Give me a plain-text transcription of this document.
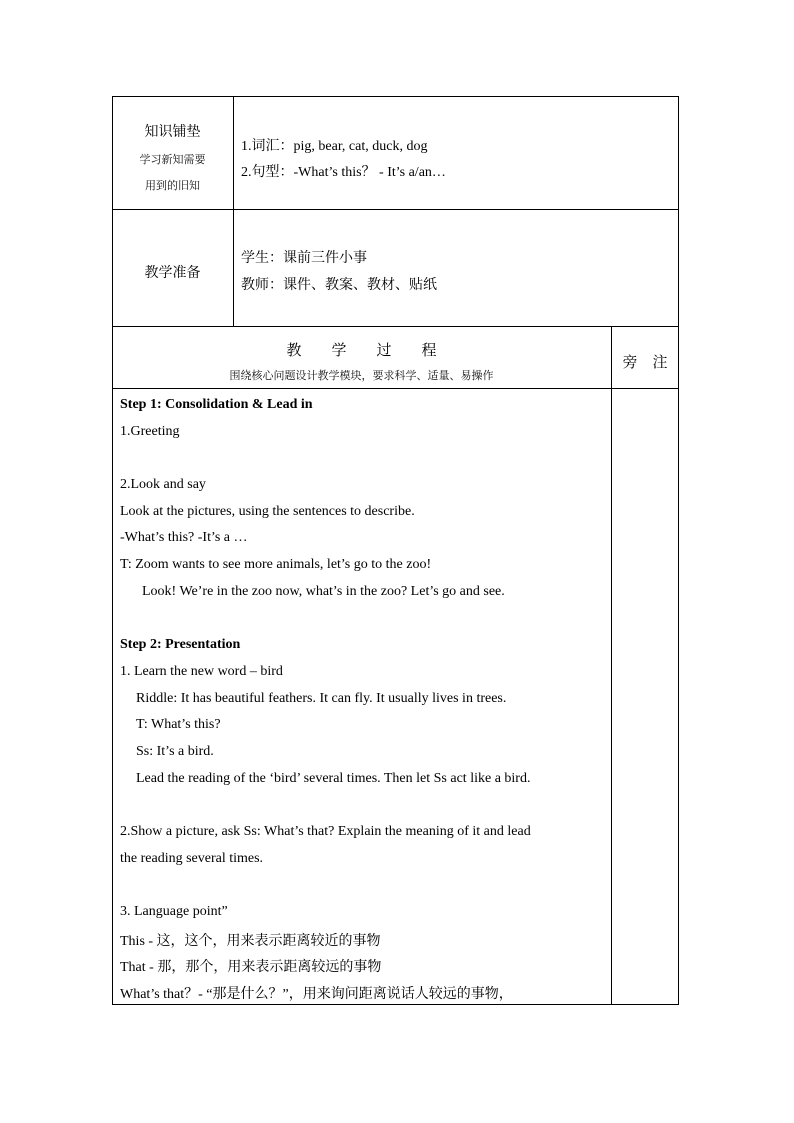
知识铺垫
学习新知需要
用到的旧知
1.词汇：pig, bear, cat, duck, dog
2.句型：-What’s this？ - It’s a/an…
教学准备
学生：课前三件小事
教师：课件、教案、教材、贴纸
教　　学　　过　　程
围绕核心问题设计教学模块，要求科学、适量、易操作
旁　注
Step 1: Consolidation & Lead in
1.Greeting
2.Look and say
Look at the pictures, using the sentences to describe.
-What’s this? -It’s a …
T: Zoom wants to see more animals, let’s go to the zoo!
Look! We’re in the zoo now, what’s in the zoo? Let’s go and see.
Step 2: Presentation
1. Learn the new word – bird
Riddle: It has beautiful feathers. It can fly. It usually lives in trees.
T: What’s this?
Ss: It’s a bird.
Lead the reading of the ‘bird’ several times. Then let Ss act like a bird.
2.Show a picture, ask Ss: What’s that? Explain the meaning of it and lead
the reading several times.
3. Language point”
This - 这，这个，用来表示距离较近的事物
That - 那，那个，用来表示距离较远的事物
What’s that？- “那是什么？”，用来询问距离说话人较远的事物，
